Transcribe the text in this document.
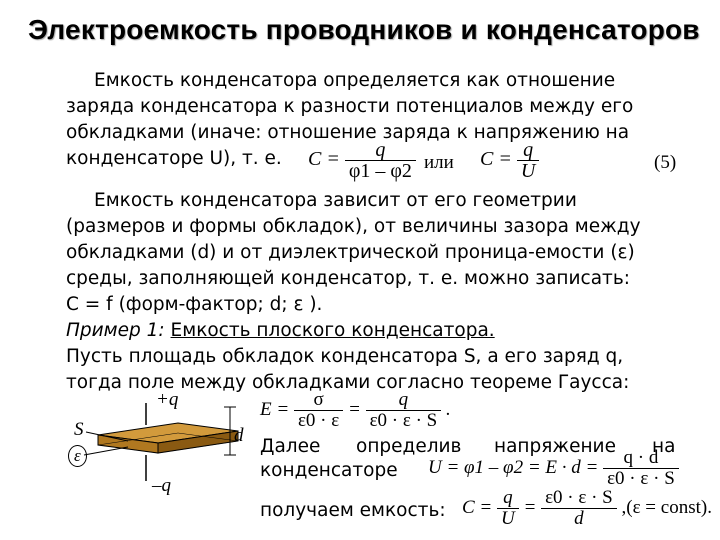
Электроемкость проводников и конденсаторов
Емкость конденсатора определяется как отношение
заряда конденсатора к разности потенциалов между его
обкладками (иначе: отношение заряда к напряжению на
конденсаторе U), т. е. $C = \frac{q}{\varphi 1 - \varphi 2}$ или $C = \frac{q}{U}$	(5)
Емкость конденсатора зависит от его геометрии
(размеров и формы обкладок), от величины зазора между
обкладками (d) и от диэлектрической проница-емости (ε)
среды, заполняющей конденсатор, т. е. можно записать:
C = f (форм-фактор; d; ε ).
Пример 1: Емкость плоского конденсатора.
Пусть площадь обкладок конденсатора S, а его заряд q,
тогда поле между обкладками согласно теореме Гаусса:
+q
–q
S
ε
d
$E = \frac{\sigma}{\varepsilon 0 \cdot \varepsilon} = \frac{q}{\varepsilon 0 \cdot \varepsilon \cdot S}$ .
Далее определив напряжение на
конденсаторе $U = \varphi 1 - \varphi 2 = E \cdot d = \frac{q \cdot d}{\varepsilon 0 \cdot \varepsilon \cdot S}$
получаем емкость: $C = \frac{q}{U} = \frac{\varepsilon 0 \cdot \varepsilon \cdot S}{d} ,(\varepsilon$ = const).
